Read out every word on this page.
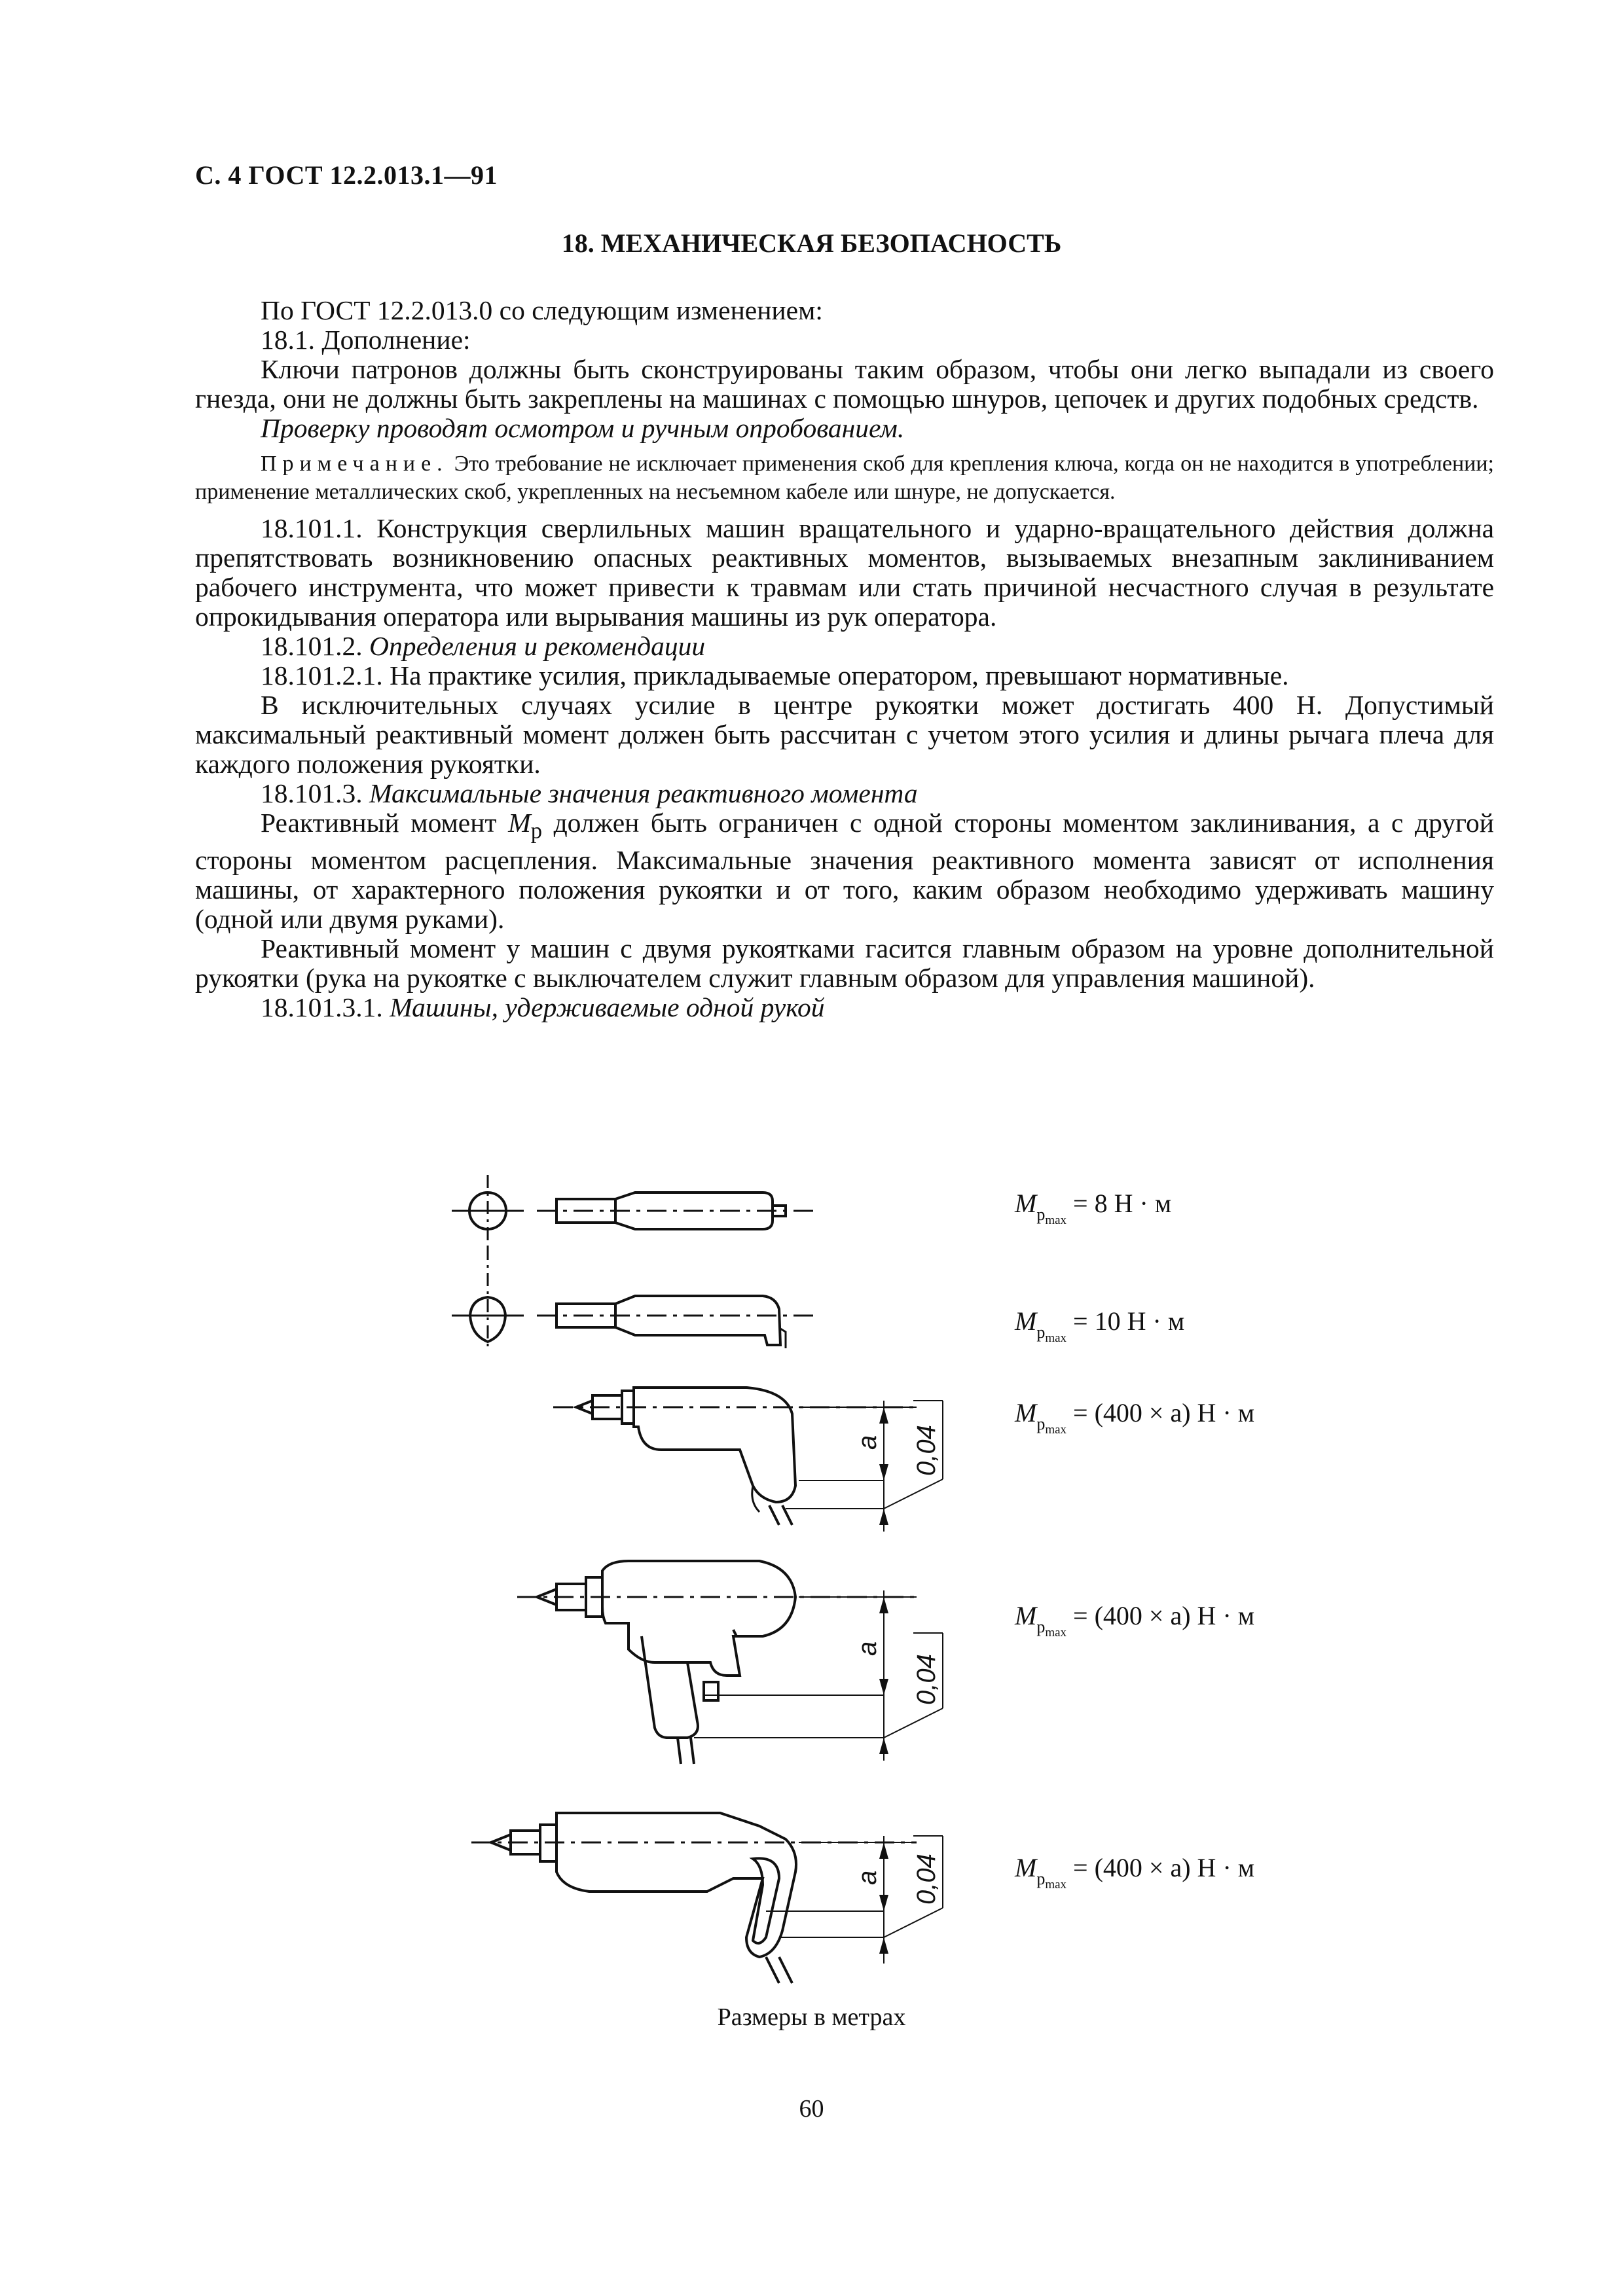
С. 4 ГОСТ 12.2.013.1—91
18. МЕХАНИЧЕСКАЯ БЕЗОПАСНОСТЬ

По ГОСТ 12.2.013.0 со следующим изменением:

18.1. Дополнение:

Ключи патронов должны быть сконструированы таким образом, чтобы они легко выпадали из своего гнезда, они не должны быть закреплены на машинах с помощью шнуров, цепочек и других подобных средств.

Проверку проводят осмотром и ручным опробованием.

Примечание. Это требование не исключает применения скоб для крепления ключа, когда он не находится в употреблении; применение металлических скоб, укрепленных на несъемном кабеле или шнуре, не допускается.

18.101.1. Конструкция сверлильных машин вращательного и ударно-вращательного действия должна препятствовать возникновению опасных реактивных моментов, вызываемых внезапным заклиниванием рабочего инструмента, что может привести к травмам или стать причиной несчастного случая в результате опрокидывания оператора или вырывания машины из рук оператора.

18.101.2. Определения и рекомендации

18.101.2.1. На практике усилия, прикладываемые оператором, превышают нормативные.

В исключительных случаях усилие в центре рукоятки может достигать 400 Н. Допустимый максимальный реактивный момент должен быть рассчитан с учетом этого усилия и длины рычага плеча для каждого положения рукоятки.

18.101.3. Максимальные значения реактивного момента

Реактивный момент $M_р$ должен быть ограничен с одной стороны моментом заклинивания, а с другой стороны моментом расцепления. Максимальные значения реактивного момента зависят от исполнения машины, от характерного положения рукоятки и от того, каким образом необходимо удерживать машину (одной или двумя руками).

Реактивный момент у машин с двумя рукоятками гасится главным образом на уровне дополнительной рукоятки (рука на рукоятке с выключателем служит главным образом для управления машиной).

18.101.3.1. Машины, удерживаемые одной рукой

a 0,04
a
0,04
a 0,04
$M_{p_{max}} = 8$ Н · м
$M_{p_{max}} = 10$ Н · м
$M_{p_{max}} = (400 \times a) Н \cdot м$
$M_{p_{max}} = (400 \times a) Н \cdot м$
$M_{p_{max}} = (400 \times a) Н \cdot м$
Размеры в метрах
60
